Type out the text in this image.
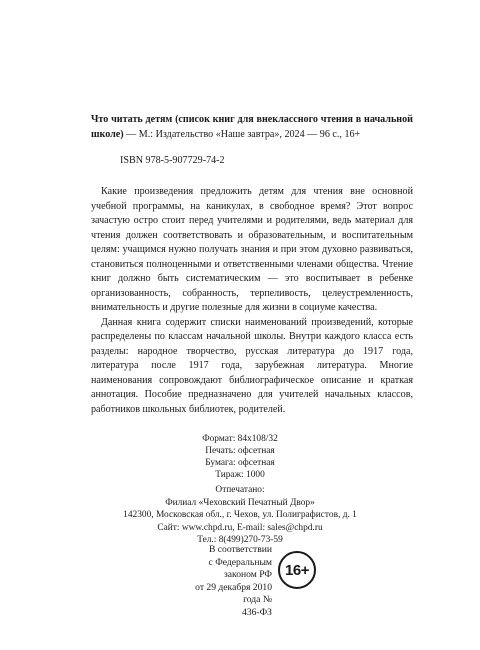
Что читать детям (список книг для внеклассного чтения в начальной школе) — М.: Издательство «Наше завтра», 2024 — 96 с., 16+

ISBN 978-5-907729-74-2

Какие произведения предложить детям для чтения вне основной учебной программы, на каникулах, в свободное время? Этот вопрос зачастую остро стоит перед учителями и родителями, ведь материал для чтения должен соответствовать и образовательным, и воспитательным целям: учащимся нужно получать знания и при этом духовно развиваться, становиться полноценными и ответственными членами общества. Чтение книг должно быть систематическим — это воспитывает в ребенке организованность, собранность, терпеливость, целеустремленность, внимательность и другие полезные для жизни в социуме качества.

Данная книга содержит списки наименований произведений, которые распределены по классам начальной школы. Внутри каждого класса есть разделы: народное творчество, русская литература до 1917 года, литература после 1917 года, зарубежная литература. Многие наименования сопровождают библиографическое описание и краткая аннотация. Пособие предназначено для учителей начальных классов, работников школьных библиотек, родителей.

Формат: 84х108/32
Печать: офсетная
Бумага: офсетная
Тираж: 1000
Отпечатано:
Филиал «Чеховский Печатный Двор»
142300, Московская обл., г. Чехов, ул. Полиграфистов, д. 1
Сайт: www.chpd.ru, E-mail: sales@chpd.ru
Тел.: 8(499)270-73-59
В соответствии
с Федеральным законом РФ
от 29 декабря 2010 года №
436-ФЗ
16+
